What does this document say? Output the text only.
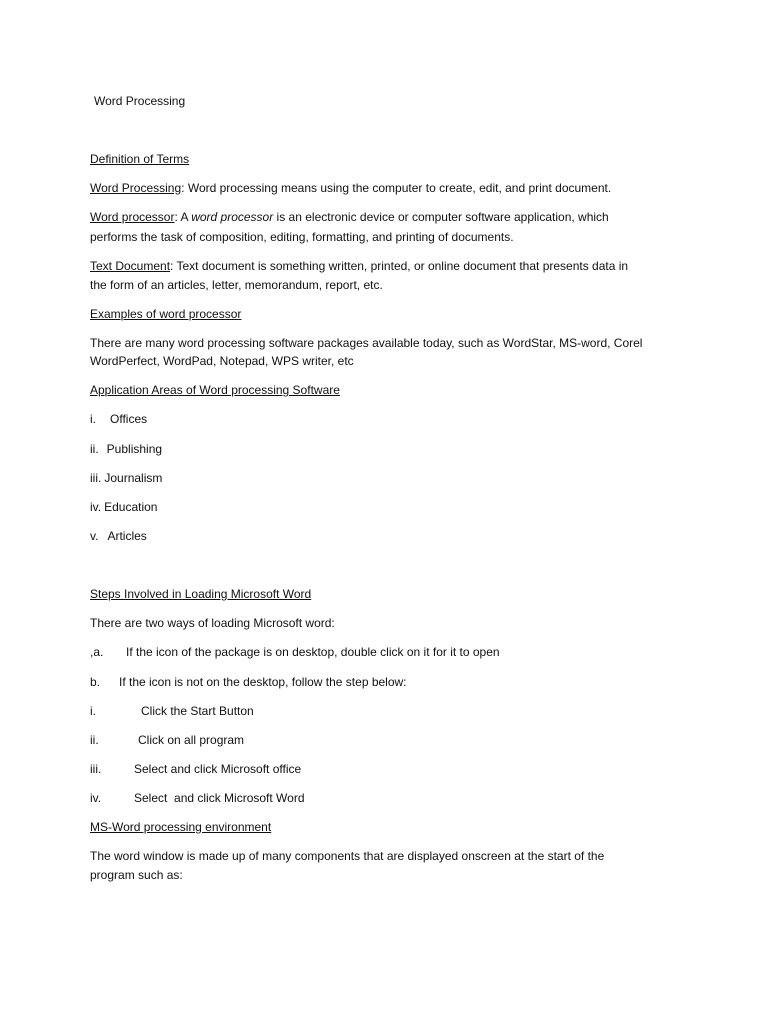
Word Processing
Definition of Terms
Word Processing: Word processing means using the computer to create, edit, and print document.
Word processor: A word processor is an electronic device or computer software application, which
performs the task of composition, editing, formatting, and printing of documents.
Text Document: Text document is something written, printed, or online document that presents data in
the form of an articles, letter, memorandum, report, etc.
Examples of word processor
There are many word processing software packages available today, such as WordStar, MS-word, Corel
WordPerfect, WordPad, Notepad, WPS writer, etc
Application Areas of Word processing Software
i. Offices
ii. Publishing
iii. Journalism
iv. Education
v. Articles
Steps Involved in Loading Microsoft Word
There are two ways of loading Microsoft word:
,a. If the icon of the package is on desktop, double click on it for it to open
b. If the icon is not on the desktop, follow the step below:
i.	Click the Start Button
ii.	Click on all program
iii.	Select and click Microsoft office
iv.	Select  and click Microsoft Word
MS-Word processing environment
The word window is made up of many components that are displayed onscreen at the start of the
program such as:
